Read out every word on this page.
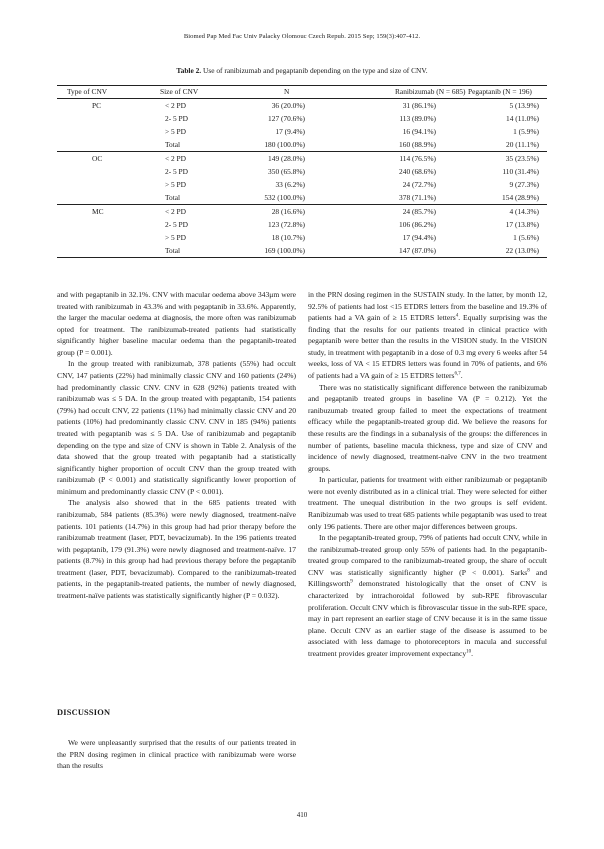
Biomed Pap Med Fac Univ Palacky Olomouc Czech Repub. 2015 Sep; 159(3):407-412.
Table 2. Use of ranibizumab and pegaptanib depending on the type and size of CNV.
Type of CNV	Size of CNV	N	Ranibizumab (N = 685) Pegaptanib (N = 196)
PC	< 2 PD	36 (20.0%)	31 (86.1%)	5 (13.9%)
2- 5 PD	127 (70.6%)	113 (89.0%)	14 (11.0%)
> 5 PD	17 (9.4%)	16 (94.1%)	1 (5.9%)
Total	180 (100.0%)	160 (88.9%)	20 (11.1%)
OC	< 2 PD	149 (28.0%)	114 (76.5%)	35 (23.5%)
2- 5 PD	350 (65.8%)	240 (68.6%)	110 (31.4%)
> 5 PD	33 (6.2%)	24 (72.7%)	9 (27.3%)
Total	532 (100.0%)	378 (71.1%)	154 (28.9%)
MC	< 2 PD	28 (16.6%)	24 (85.7%)	4 (14.3%)
2- 5 PD	123 (72.8%)	106 (86.2%)	17 (13.8%)
> 5 PD	18 (10.7%)	17 (94.4%)	1 (5.6%)
Total	169 (100.0%)	147 (87.0%)	22 (13.0%)

and with pegaptanib in 32.1%. CNV with macular oedema above 343μm were treated with ranibizumab in 43.3% and with pegaptanib in 33.6%. Apparently, the larger the macular oedema at diagnosis, the more often was ranibizumab opted for treatment. The ranibizumab-treated patients had statistically significantly higher baseline macular oedema than the pegaptanib-treated group (P = 0.001).

In the group treated with ranibizumab, 378 patients (55%) had occult CNV, 147 patients (22%) had minimally classic CNV and 160 patients (24%) had predominantly classic CNV. CNV in 628 (92%) patients treated with ranibizumab was ≤ 5 DA. In the group treated with pegaptanib, 154 patients (79%) had occult CNV, 22 patients (11%) had minimally classic CNV and 20 patients (10%) had predominantly classic CNV. CNV in 185 (94%) patients treated with pegaptanib was ≤ 5 DA. Use of ranibizumab and pegaptanib depending on the type and size of CNV is shown in Table 2. Analysis of the data showed that the group treated with pegaptanib had a statistically significantly higher proportion of occult CNV than the group treated with ranibizumab (P < 0.001) and statistically significantly lower proportion of minimum and predominantly classic CNV (P < 0.001).

The analysis also showed that in the 685 patients treated with ranibizumab, 584 patients (85.3%) were newly diagnosed, treatment-naïve patients. 101 patients (14.7%) in this group had had prior therapy before the ranibizumab treatment (laser, PDT, bevacizumab). In the 196 patients treated with pegaptanib, 179 (91.3%) were newly diagnosed and treatment-naïve. 17 patients (8.7%) in this group had had previous therapy before the pegaptanib treatment (laser, PDT, bevacizumab). Compared to the ranibizumab-treated patients, in the pegaptanib-treated patients, the number of newly diagnosed, treatment-naïve patients was statistically significantly higher (P = 0.032).

DISCUSSION

We were unpleasantly surprised that the results of our patients treated in the PRN dosing regimen in clinical practice with ranibizumab were worse than the results

in the PRN dosing regimen in the SUSTAIN study. In the latter, by month 12, 92.5% of patients had lost <15 ETDRS letters from the baseline and 19.3% of patients had a VA gain of ≥ 15 ETDRS letters$^4$. Equally surprising was the finding that the results for our patients treated in clinical practice with pegaptanib were better than the results in the VISION study. In the VISION study, in treatment with pegaptanib in a dose of 0.3 mg every 6 weeks after 54 weeks, loss of VA < 15 ETDRS letters was found in 70% of patients, and 6% of patients had a VA gain of ≥ 15 ETDRS letters$^{6,7}$.

There was no statistically significant difference between the ranibizumab and pegaptanib treated groups in baseline VA (P = 0.212). Yet the ranibuzumab treated group failed to meet the expectations of treatment efficacy while the pegaptanib-treated group did. We believe the reasons for these results are the findings in a subanalysis of the groups: the differences in number of patients, baseline macula thickness, type and size of CNV and incidence of newly diagnosed, treatment-naïve CNV in the two treatment groups.

In particular, patients for treatment with either ranibizumab or pegaptanib were not evenly distributed as in a clinical trial. They were selected for either treatment. The unequal distribution in the two groups is self evident. Ranibizumab was used to treat 685 patients while pegaptanib was used to treat only 196 patients. There are other major differences between groups.

In the pegaptanib-treated group, 79% of patients had occult CNV, while in the ranibizumab-treated group only 55% of patients had. In the pegaptanib-treated group compared to the ranibizumab-treated group, the share of occult CNV was statistically significantly higher (P < 0.001). Sarks$^8$ and Killingsworth$^9$ demonstrated histologically that the onset of CNV is characterized by intrachoroidal followed by sub-RPE fibrovascular proliferation. Occult CNV which is fibrovascular tissue in the sub-RPE space, may in part represent an earlier stage of CNV because it is in the same tissue plane. Occult CNV as an earlier stage of the disease is assumed to be associated with less damage to photoreceptors in macula and successful treatment provides greater improvement expectancy$^{10}$.

410
